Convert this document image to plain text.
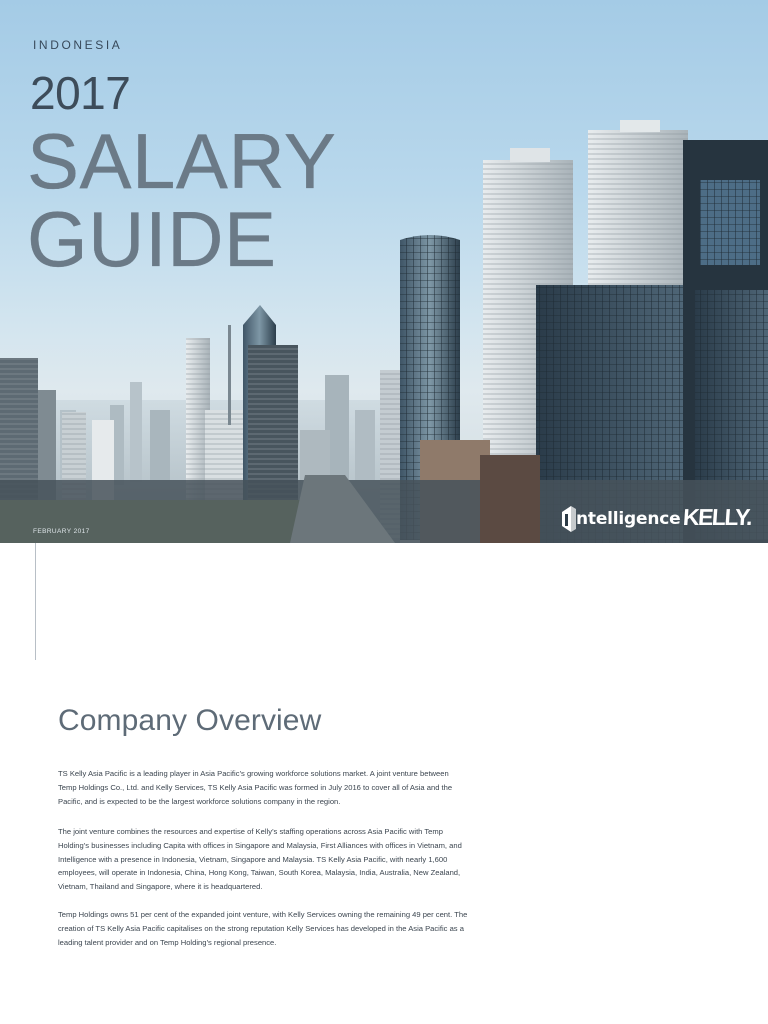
INDONESIA
2017
SALARY
GUIDE
FEBRUARY 2017
ntelligence KELLY.
Company Overview

TS Kelly Asia Pacific is a leading player in Asia Pacific’s growing workforce solutions market. A joint venture between Temp Holdings Co., Ltd. and Kelly Services, TS Kelly Asia Pacific was formed in July 2016 to cover all of Asia and the Pacific, and is expected to be the largest workforce solutions company in the region.

The joint venture combines the resources and expertise of Kelly’s staffing operations across Asia Pacific with Temp Holding’s businesses including Capita with offices in Singapore and Malaysia, First Alliances with offices in Vietnam, and Intelligence with a presence in Indonesia, Vietnam, Singapore and Malaysia. TS Kelly Asia Pacific, with nearly 1,600 employees, will operate in Indonesia, China, Hong Kong, Taiwan, South Korea, Malaysia, India, Australia, New Zealand, Vietnam, Thailand and Singapore, where it is headquartered.

Temp Holdings owns 51 per cent of the expanded joint venture, with Kelly Services owning the remaining 49 per cent. The creation of TS Kelly Asia Pacific capitalises on the strong reputation Kelly Services has developed in the Asia Pacific as a leading talent provider and on Temp Holding’s regional presence.
